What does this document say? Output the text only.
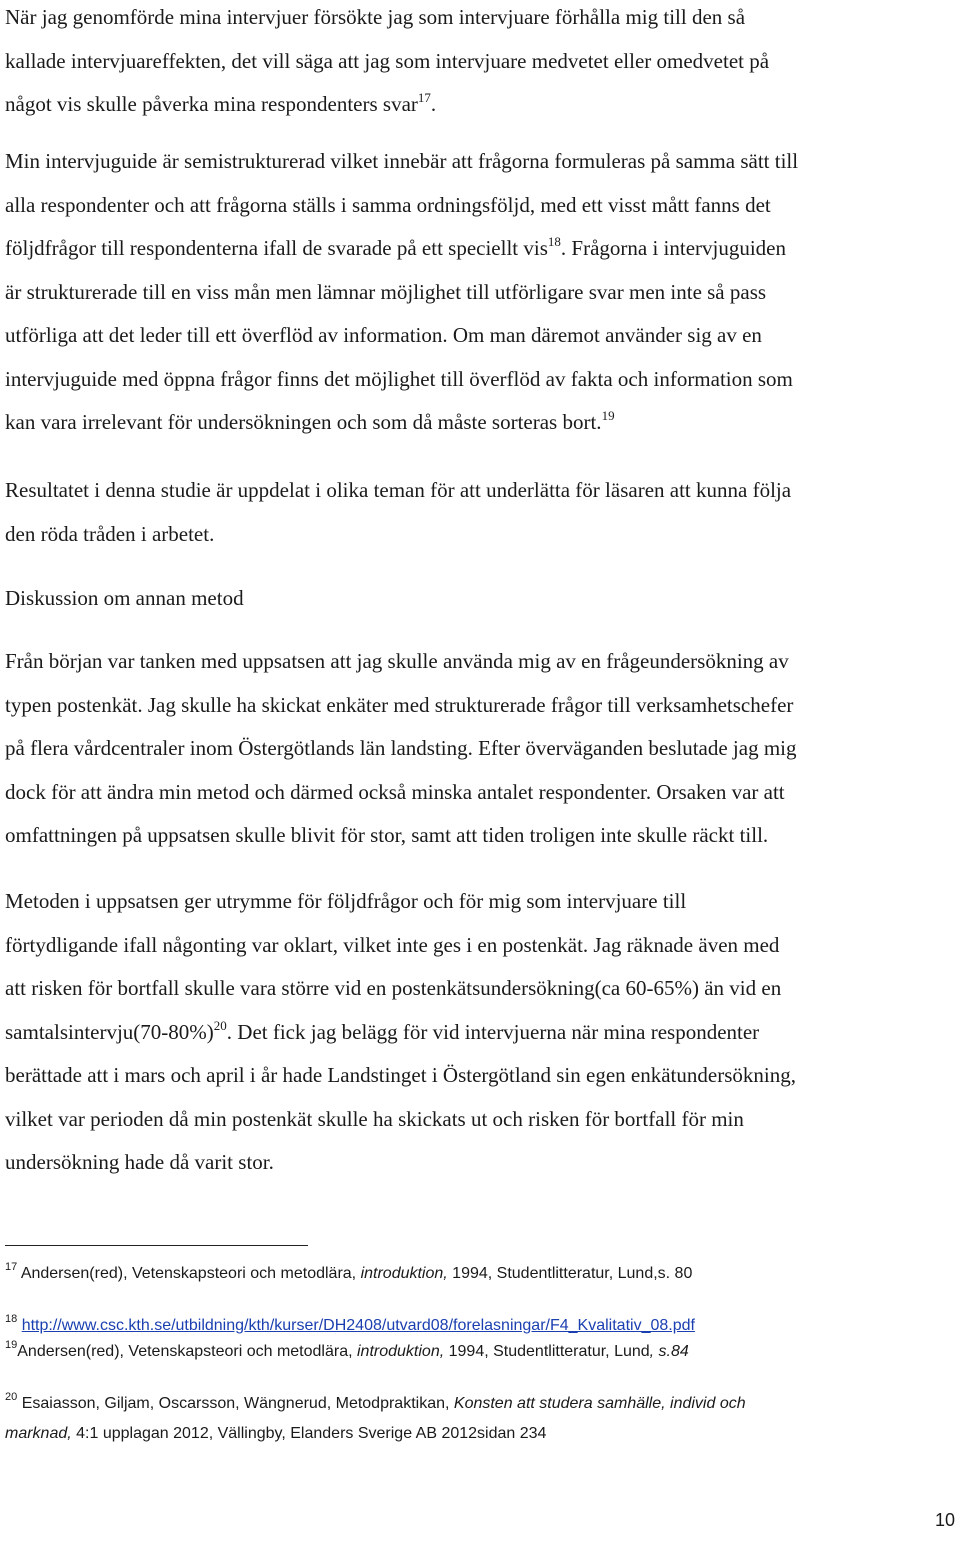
När jag genomförde mina intervjuer försökte jag som intervjuare förhålla mig till den så
kallade intervjuareffekten, det vill säga att jag som intervjuare medvetet eller omedvetet på
något vis skulle påverka mina respondenters svar$^{17}$.
Min intervjuguide är semistrukturerad vilket innebär att frågorna formuleras på samma sätt till
alla respondenter och att frågorna ställs i samma ordningsföljd, med ett visst mått fanns det
följdfrågor till respondenterna ifall de svarade på ett speciellt vis$^{18}$. Frågorna i intervjuguiden
är strukturerade till en viss mån men lämnar möjlighet till utförligare svar men inte så pass
utförliga att det leder till ett överflöd av information. Om man däremot använder sig av en
intervjuguide med öppna frågor finns det möjlighet till överflöd av fakta och information som
kan vara irrelevant för undersökningen och som då måste sorteras bort.$^{19}$
Resultatet i denna studie är uppdelat i olika teman för att underlätta för läsaren att kunna följa
den röda tråden i arbetet.
Diskussion om annan metod
Från början var tanken med uppsatsen att jag skulle använda mig av en frågeundersökning av
typen postenkät. Jag skulle ha skickat enkäter med strukturerade frågor till verksamhetschefer
på flera vårdcentraler inom Östergötlands län landsting. Efter överväganden beslutade jag mig
dock för att ändra min metod och därmed också minska antalet respondenter. Orsaken var att
omfattningen på uppsatsen skulle blivit för stor, samt att tiden troligen inte skulle räckt till.
Metoden i uppsatsen ger utrymme för följdfrågor och för mig som intervjuare till
förtydligande ifall någonting var oklart, vilket inte ges i en postenkät. Jag räknade även med
att risken för bortfall skulle vara större vid en postenkätsundersökning(ca 60-65%) än vid en
$samtalsintervju(70-80\%)^{20}$. Det fick jag belägg för vid intervjuerna när mina respondenter
berättade att i mars och april i år hade Landstinget i Östergötland sin egen enkätundersökning,
vilket var perioden då min postenkät skulle ha skickats ut och risken för bortfall för min
undersökning hade då varit stor.
$^{17}$ Andersen(red), Vetenskapsteori och metodlära, introduktion, 1994, Studentlitteratur, Lund,s. 80
$^{18}$ http://www.csc.kth.se/utbildning/kth/kurser/DH2408/utvard08/forelasningar/F4_Kvalitativ_08.pdf
$^{19}$Andersen(red), Vetenskapsteori och metodlära, introduktion, 1994, Studentlitteratur, Lund, s.84
$^{20}$ Esaiasson, Giljam, Oscarsson, Wängnerud, Metodpraktikan, Konsten att studera samhälle, individ och
marknad, 4:1 upplagan 2012, Vällingby, Elanders Sverige AB 2012sidan 234
10
